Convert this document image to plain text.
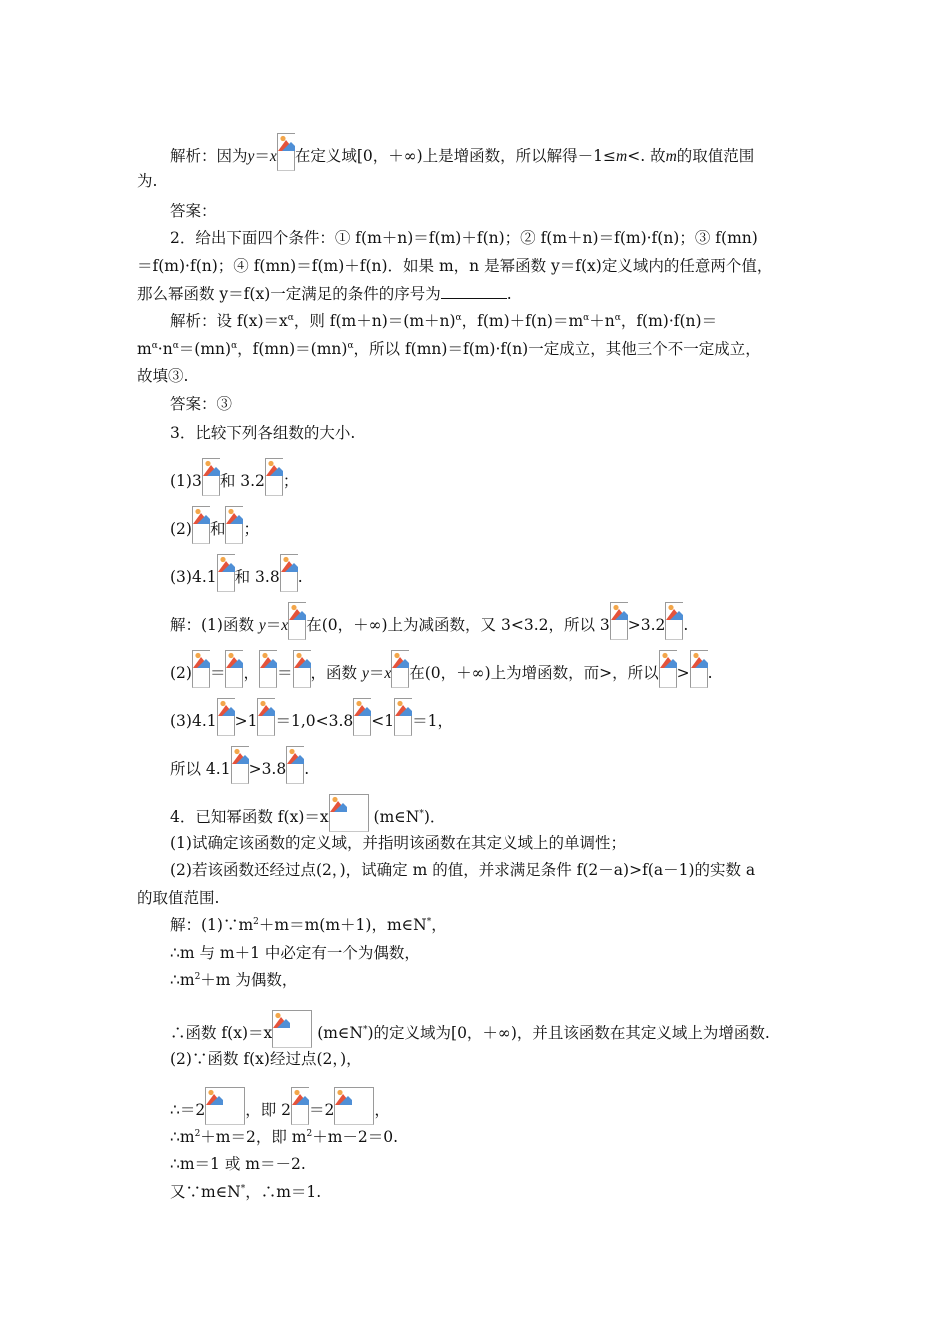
解析：因为y＝x 在定义域[0，＋∞)上是增函数，所以解得－1≤m<. 故m的取值范围
为.
答案：
2．给出下面四个条件：① f(m＋n)＝f(m)＋f(n)；② f(m＋n)＝f(m)·f(n)；③ f(mn)
＝f(m)·f(n)；④ f(mn)＝f(m)＋f(n)．如果 m，n 是幂函数 y＝f(x)定义域内的任意两个值，
那么幂函数 y＝f(x)一定满足的条件的序号为	.
解析：设 $f(x)=x^\alpha$，则 $f(m+n)=(m+n)^\alpha$，$f(m)+f(n)=m^\alpha+n^\alpha$，f(m)·f(n)＝
$m^\alpha\cdot n^\alpha=(mn)^\alpha$，f(mn)＝(mn)$^\alpha$，所以 f(mn)＝f(m)·f(n)一定成立，其他三个不一定成立，
故填③.
答案：③
3．比较下列各组数的大小.
(1)3 和 3.2 ；
(2) 和 ；
(3)4.1 和 3.8 .
解：(1)函数 y＝x 在(0，＋∞)上为减函数，又 3<3.2，所以 3 >3.2 .
(2) ＝ ， ＝ ，函数 y＝x 在(0，＋∞)上为增函数，而>，所以 > .
(3)4.1 >1 ＝1,0<3.8 <1 ＝1，
所以 4.1 >3.8 .
4．已知幂函数 f(x)＝x	(m∈N*)．
(1)试确定该函数的定义域，并指明该函数在其定义域上的单调性；
(2)若该函数还经过点(2，)，试确定 m 的值，并求满足条件 f(2－a)>f(a－1)的实数 a
的取值范围.
解：$(1)\because m^2+m=m(m+1)$，m∈N*，
∴m 与 m＋1 中必定有一个为偶数，
$\therefore m^2+m$ 为偶数，
∴函数 f(x)＝x	(m∈N*)的定义域为[0，＋∞)，并且该函数在其定义域上为增函数.
(2)∵函数 f(x)经过点(2，)，
∴＝2	，即 2 ＝2	，
$\therefore m^2+m=2$，即 $m^2+m-2=0$.
∴m＝1 或 m＝－2.
又∵m∈N*，∴m＝1.
